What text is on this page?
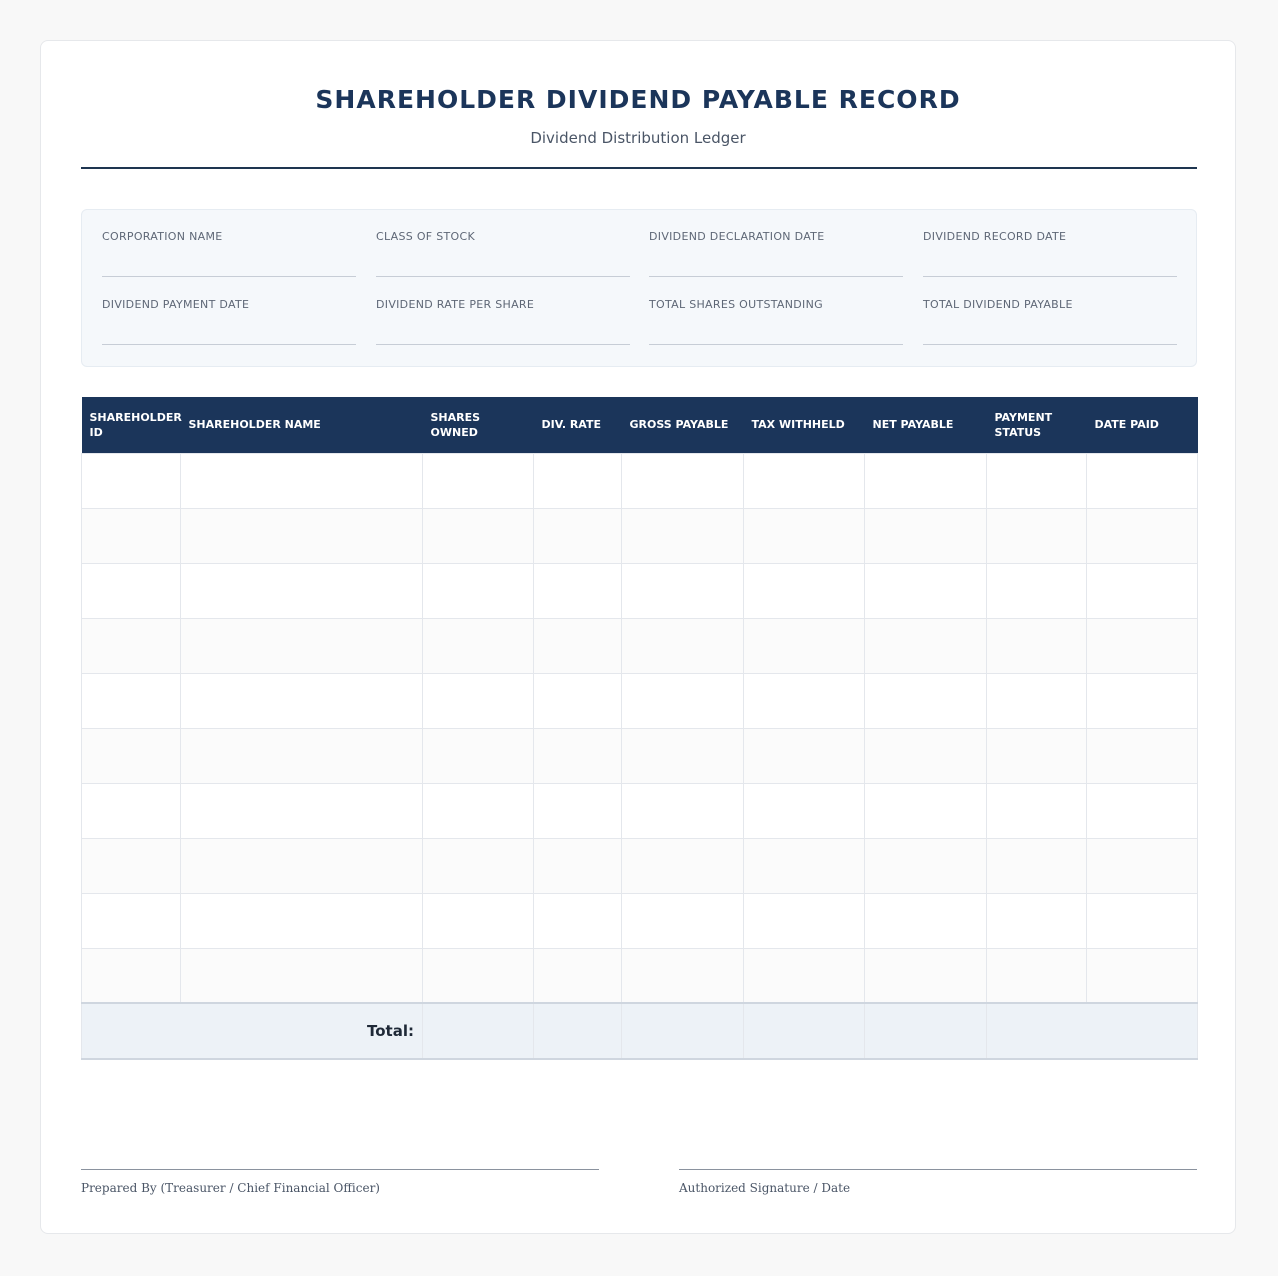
SHAREHOLDER DIVIDEND PAYABLE RECORD
Dividend Distribution Ledger
CORPORATION NAME	CLASS OF STOCK	DIVIDEND DECLARATION DATE	DIVIDEND RECORD DATE
DIVIDEND PAYMENT DATE	DIVIDEND RATE PER SHARE	TOTAL SHARES OUTSTANDING	TOTAL DIVIDEND PAYABLE
SHAREHOLDER ID	SHAREHOLDER NAME	SHARES OWNED	DIV. RATE	GROSS PAYABLE	TAX WITHHELD	NET PAYABLE	PAYMENT STATUS	DATE PAID

Total:								
Prepared By (Treasurer / Chief Financial Officer)	Authorized Signature / Date
